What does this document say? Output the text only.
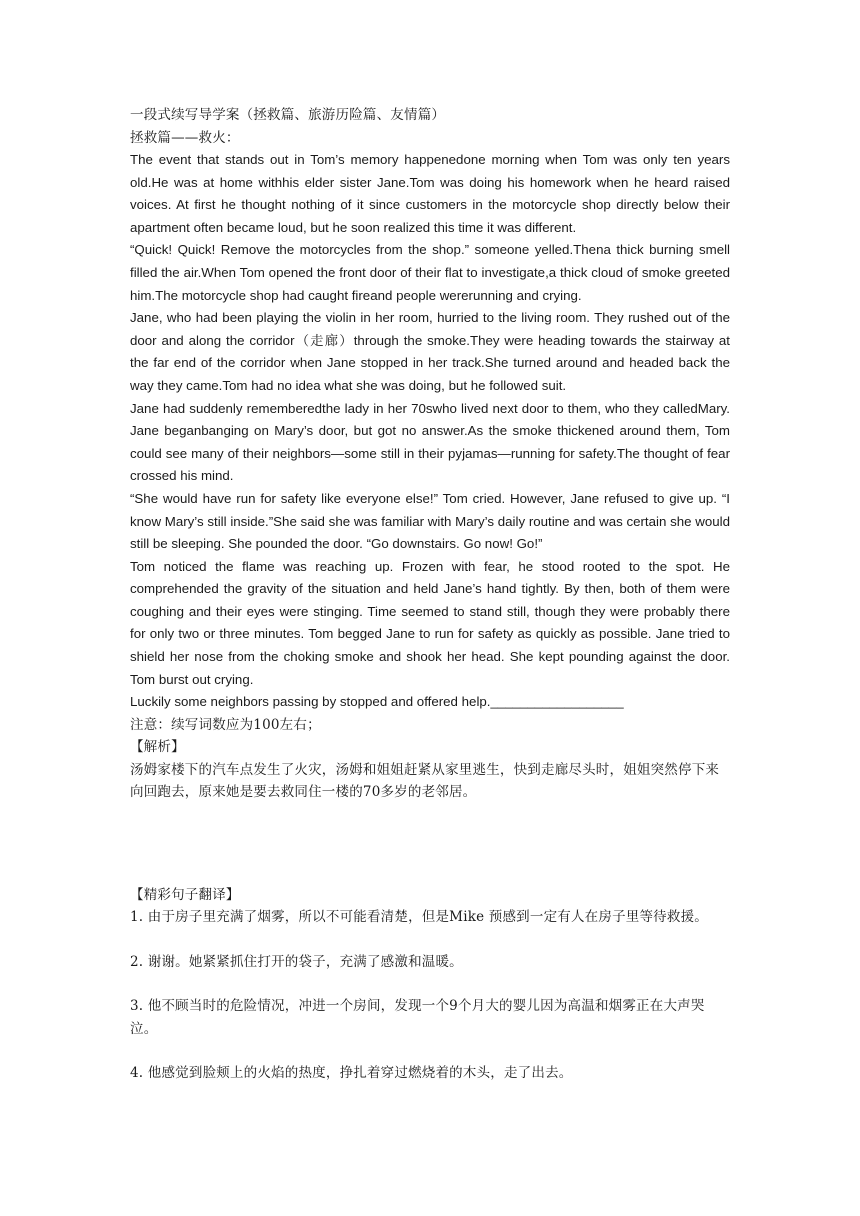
一段式续写导学案（拯救篇、旅游历险篇、友情篇）

拯救篇——救火：

The event that stands out in Tom’s memory happenedone morning when Tom was only ten years old.He was at home withhis elder sister Jane.Tom was doing his homework when he heard raised voices. At first he thought nothing of it since customers in the motorcycle shop directly below their apartment often became loud, but he soon realized this time it was different.

“Quick! Quick! Remove the motorcycles from the shop.” someone yelled.Thena thick burning smell filled the air.When Tom opened the front door of their flat to investigate,a thick cloud of smoke greeted him.The motorcycle shop had caught fireand people wererunning and crying.

Jane, who had been playing the violin in her room, hurried to the living room. They rushed out of the door and along the corridor（走廊）through the smoke.They were heading towards the stairway at the far end of the corridor when Jane stopped in her track.She turned around and headed back the way they came.Tom had no idea what she was doing, but he followed suit.

Jane had suddenly rememberedthe lady in her 70swho lived next door to them, who they calledMary. Jane beganbanging on Mary’s door, but got no answer.As the smoke thickened around them, Tom could see many of their neighbors—some still in their pyjamas—running for safety.The thought of fear crossed his mind.

“She would have run for safety like everyone else!” Tom cried. However, Jane refused to give up. “I know Mary’s still inside.”She said she was familiar with Mary’s daily routine and was certain she would still be sleeping. She pounded the door. “Go downstairs. Go now! Go!”

Tom noticed the flame was reaching up. Frozen with fear, he stood rooted to the spot. He comprehended the gravity of the situation and held Jane’s hand tightly. By then, both of them were coughing and their eyes were stinging. Time seemed to stand still, though they were probably there for only two or three minutes. Tom begged Jane to run for safety as quickly as possible. Jane tried to shield her nose from the choking smoke and shook her head. She kept pounding against the door. Tom burst out crying.

Luckily some neighbors passing by stopped and offered help.__________________

注意：续写词数应为100左右；

【解析】

汤姆家楼下的汽车点发生了火灾，汤姆和姐姐赶紧从家里逃生，快到走廊尽头时，姐姐突然停下来向回跑去，原来她是要去救同住一楼的70多岁的老邻居。

【精彩句子翻译】

1. 由于房子里充满了烟雾，所以不可能看清楚，但是Mike 预感到一定有人在房子里等待救援。

2. 谢谢。她紧紧抓住打开的袋子，充满了感激和温暖。

3. 他不顾当时的危险情况，冲进一个房间，发现一个9个月大的婴儿因为高温和烟雾正在大声哭泣。

4. 他感觉到脸颊上的火焰的热度，挣扎着穿过燃烧着的木头，走了出去。
